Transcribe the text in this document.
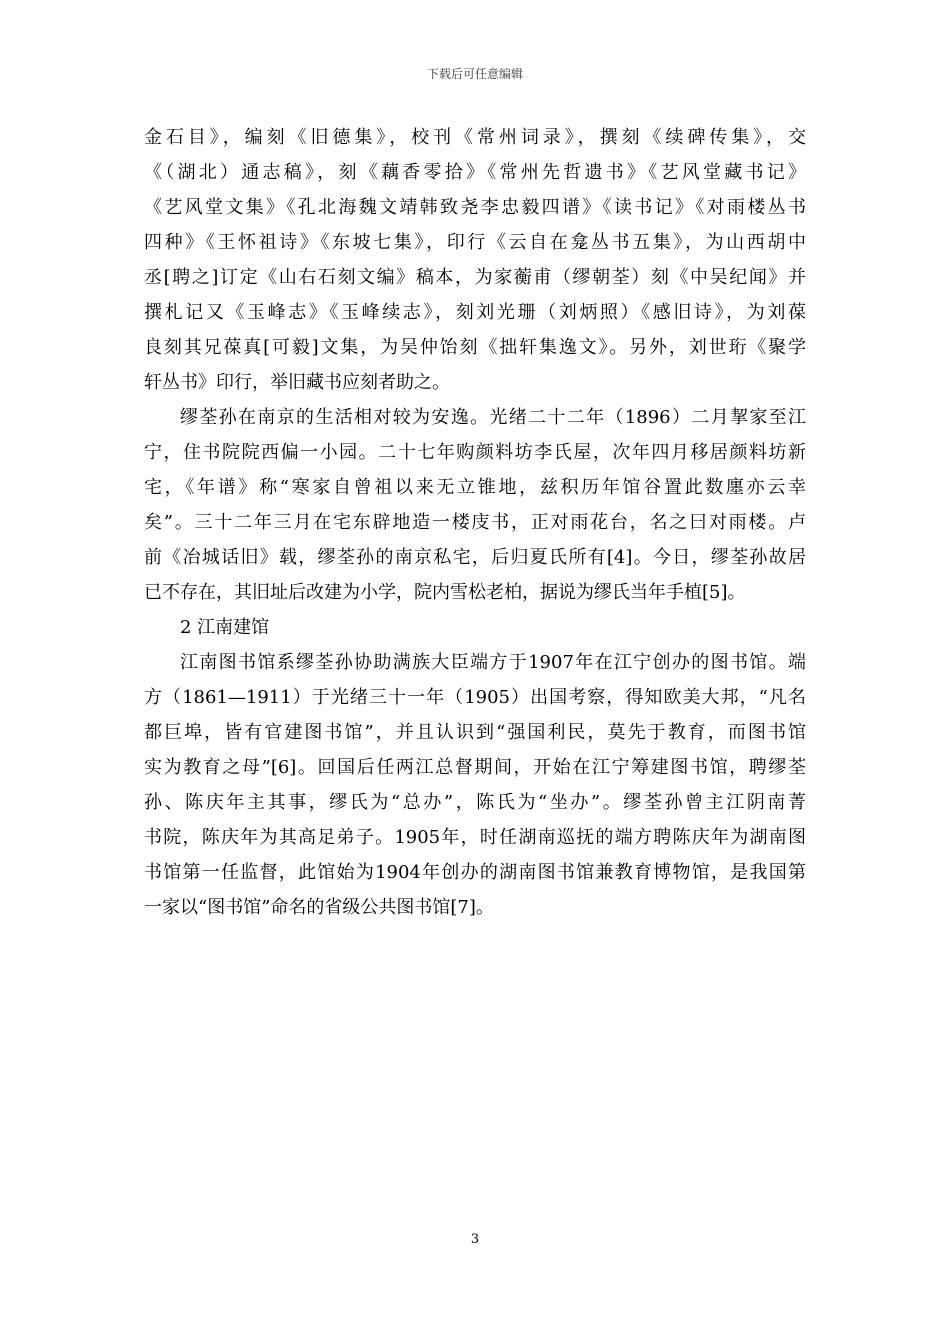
下载后可任意编辑
金石目》，编刻《旧德集》，校刊《常州词录》，撰刻《续碑传集》，交
《（湖北）通志稿》，刻《藕香零拾》《常州先哲遗书》《艺风堂藏书记》
《艺风堂文集》《孔北海魏文靖韩致尧李忠毅四谱》《读书记》《对雨楼丛书
四种》《王怀祖诗》《东坡七集》，印行《云自在龛丛书五集》，为山西胡中
丞[聘之]订定《山右石刻文编》稿本，为家蘅甫（缪朝荃）刻《中吴纪闻》并
撰札记又《玉峰志》《玉峰续志》，刻刘光珊（刘炳照）《感旧诗》，为刘葆
良刻其兄葆真[可毅]文集，为吴仲饴刻《拙轩集逸文》。另外，刘世珩《聚学
轩丛书》印行，举旧藏书应刻者助之。
缪荃孙在南京的生活相对较为安逸。光绪二十二年（1896）二月挈家至江
宁，住书院院西偏一小园。二十七年购颜料坊李氏屋，次年四月移居颜料坊新
宅，《年谱》称“寒家自曾祖以来无立锥地，兹积历年馆谷置此数廛亦云幸
矣”。三十二年三月在宅东辟地造一楼庋书，正对雨花台，名之曰对雨楼。卢
前《冶城话旧》载，缪荃孙的南京私宅，后归夏氏所有[4]。今日，缪荃孙故居
已不存在，其旧址后改建为小学，院内雪松老柏，据说为缪氏当年手植[5]。
2 江南建馆
江南图书馆系缪荃孙协助满族大臣端方于1907年在江宁创办的图书馆。端
方（1861—1911）于光绪三十一年（1905）出国考察，得知欧美大邦，“凡名
都巨埠，皆有官建图书馆”，并且认识到“强国利民，莫先于教育，而图书馆
实为教育之母”[6]。回国后任两江总督期间，开始在江宁筹建图书馆，聘缪荃
孙、陈庆年主其事，缪氏为“总办”，陈氏为“坐办”。缪荃孙曾主江阴南菁
书院，陈庆年为其高足弟子。1905年，时任湖南巡抚的端方聘陈庆年为湖南图
书馆第一任监督，此馆始为1904年创办的湖南图书馆兼教育博物馆，是我国第
一家以“图书馆”命名的省级公共图书馆[7]。
3
